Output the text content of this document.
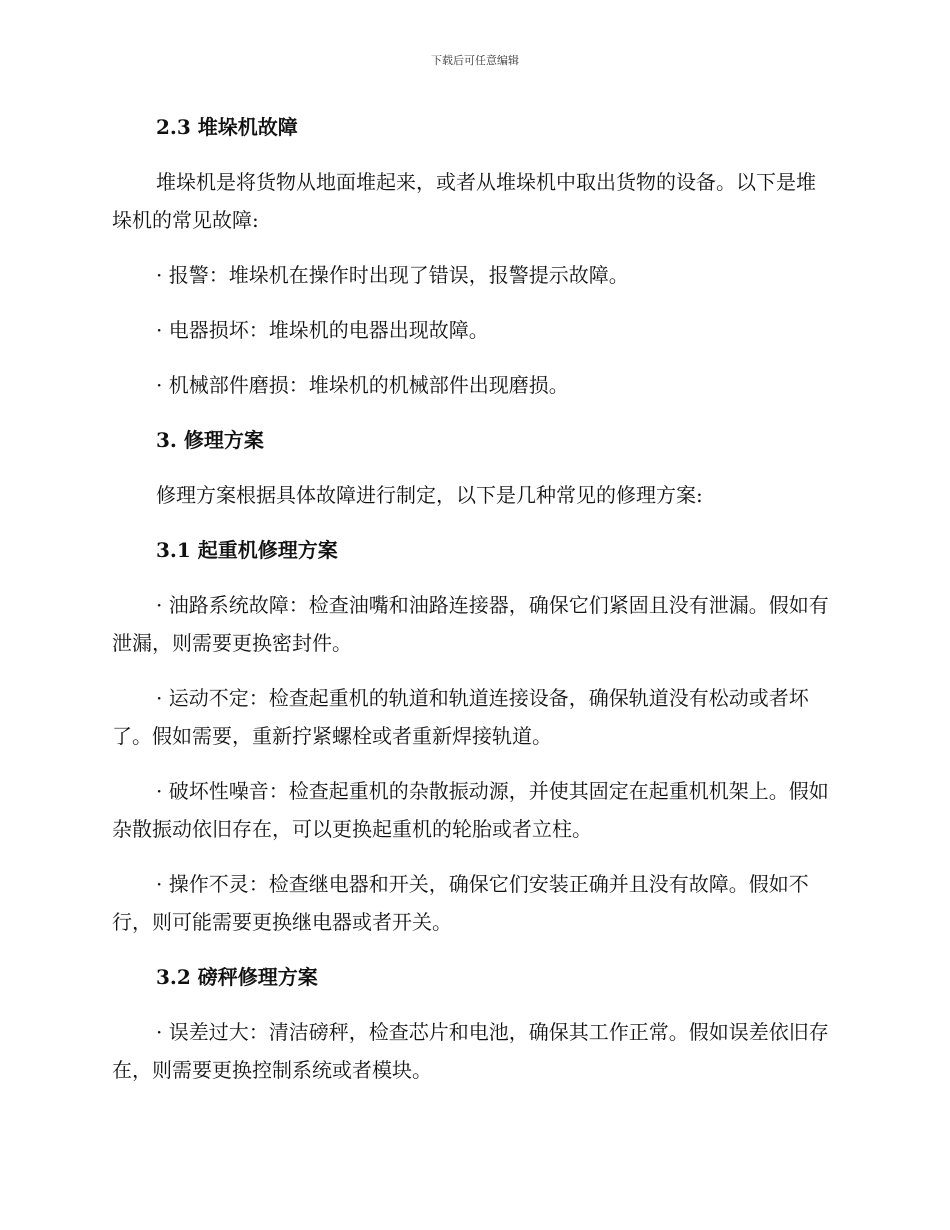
下载后可任意编辑
2.3 堆垛机故障

堆垛机是将货物从地面堆起来，或者从堆垛机中取出货物的设备。以下是堆垛机的常见故障:

· 报警：堆垛机在操作时出现了错误，报警提示故障。

· 电器损坏：堆垛机的电器出现故障。

· 机械部件磨损：堆垛机的机械部件出现磨损。

3. 修理方案

修理方案根据具体故障进行制定，以下是几种常见的修理方案:

3.1 起重机修理方案

· 油路系统故障：检查油嘴和油路连接器，确保它们紧固且没有泄漏。假如有泄漏，则需要更换密封件。

· 运动不定：检查起重机的轨道和轨道连接设备，确保轨道没有松动或者坏了。假如需要，重新拧紧螺栓或者重新焊接轨道。

· 破坏性噪音：检查起重机的杂散振动源，并使其固定在起重机机架上。假如杂散振动依旧存在，可以更换起重机的轮胎或者立柱。

· 操作不灵：检查继电器和开关，确保它们安装正确并且没有故障。假如不行，则可能需要更换继电器或者开关。

3.2 磅秤修理方案

· 误差过大：清洁磅秤，检查芯片和电池，确保其工作正常。假如误差依旧存在，则需要更换控制系统或者模块。
